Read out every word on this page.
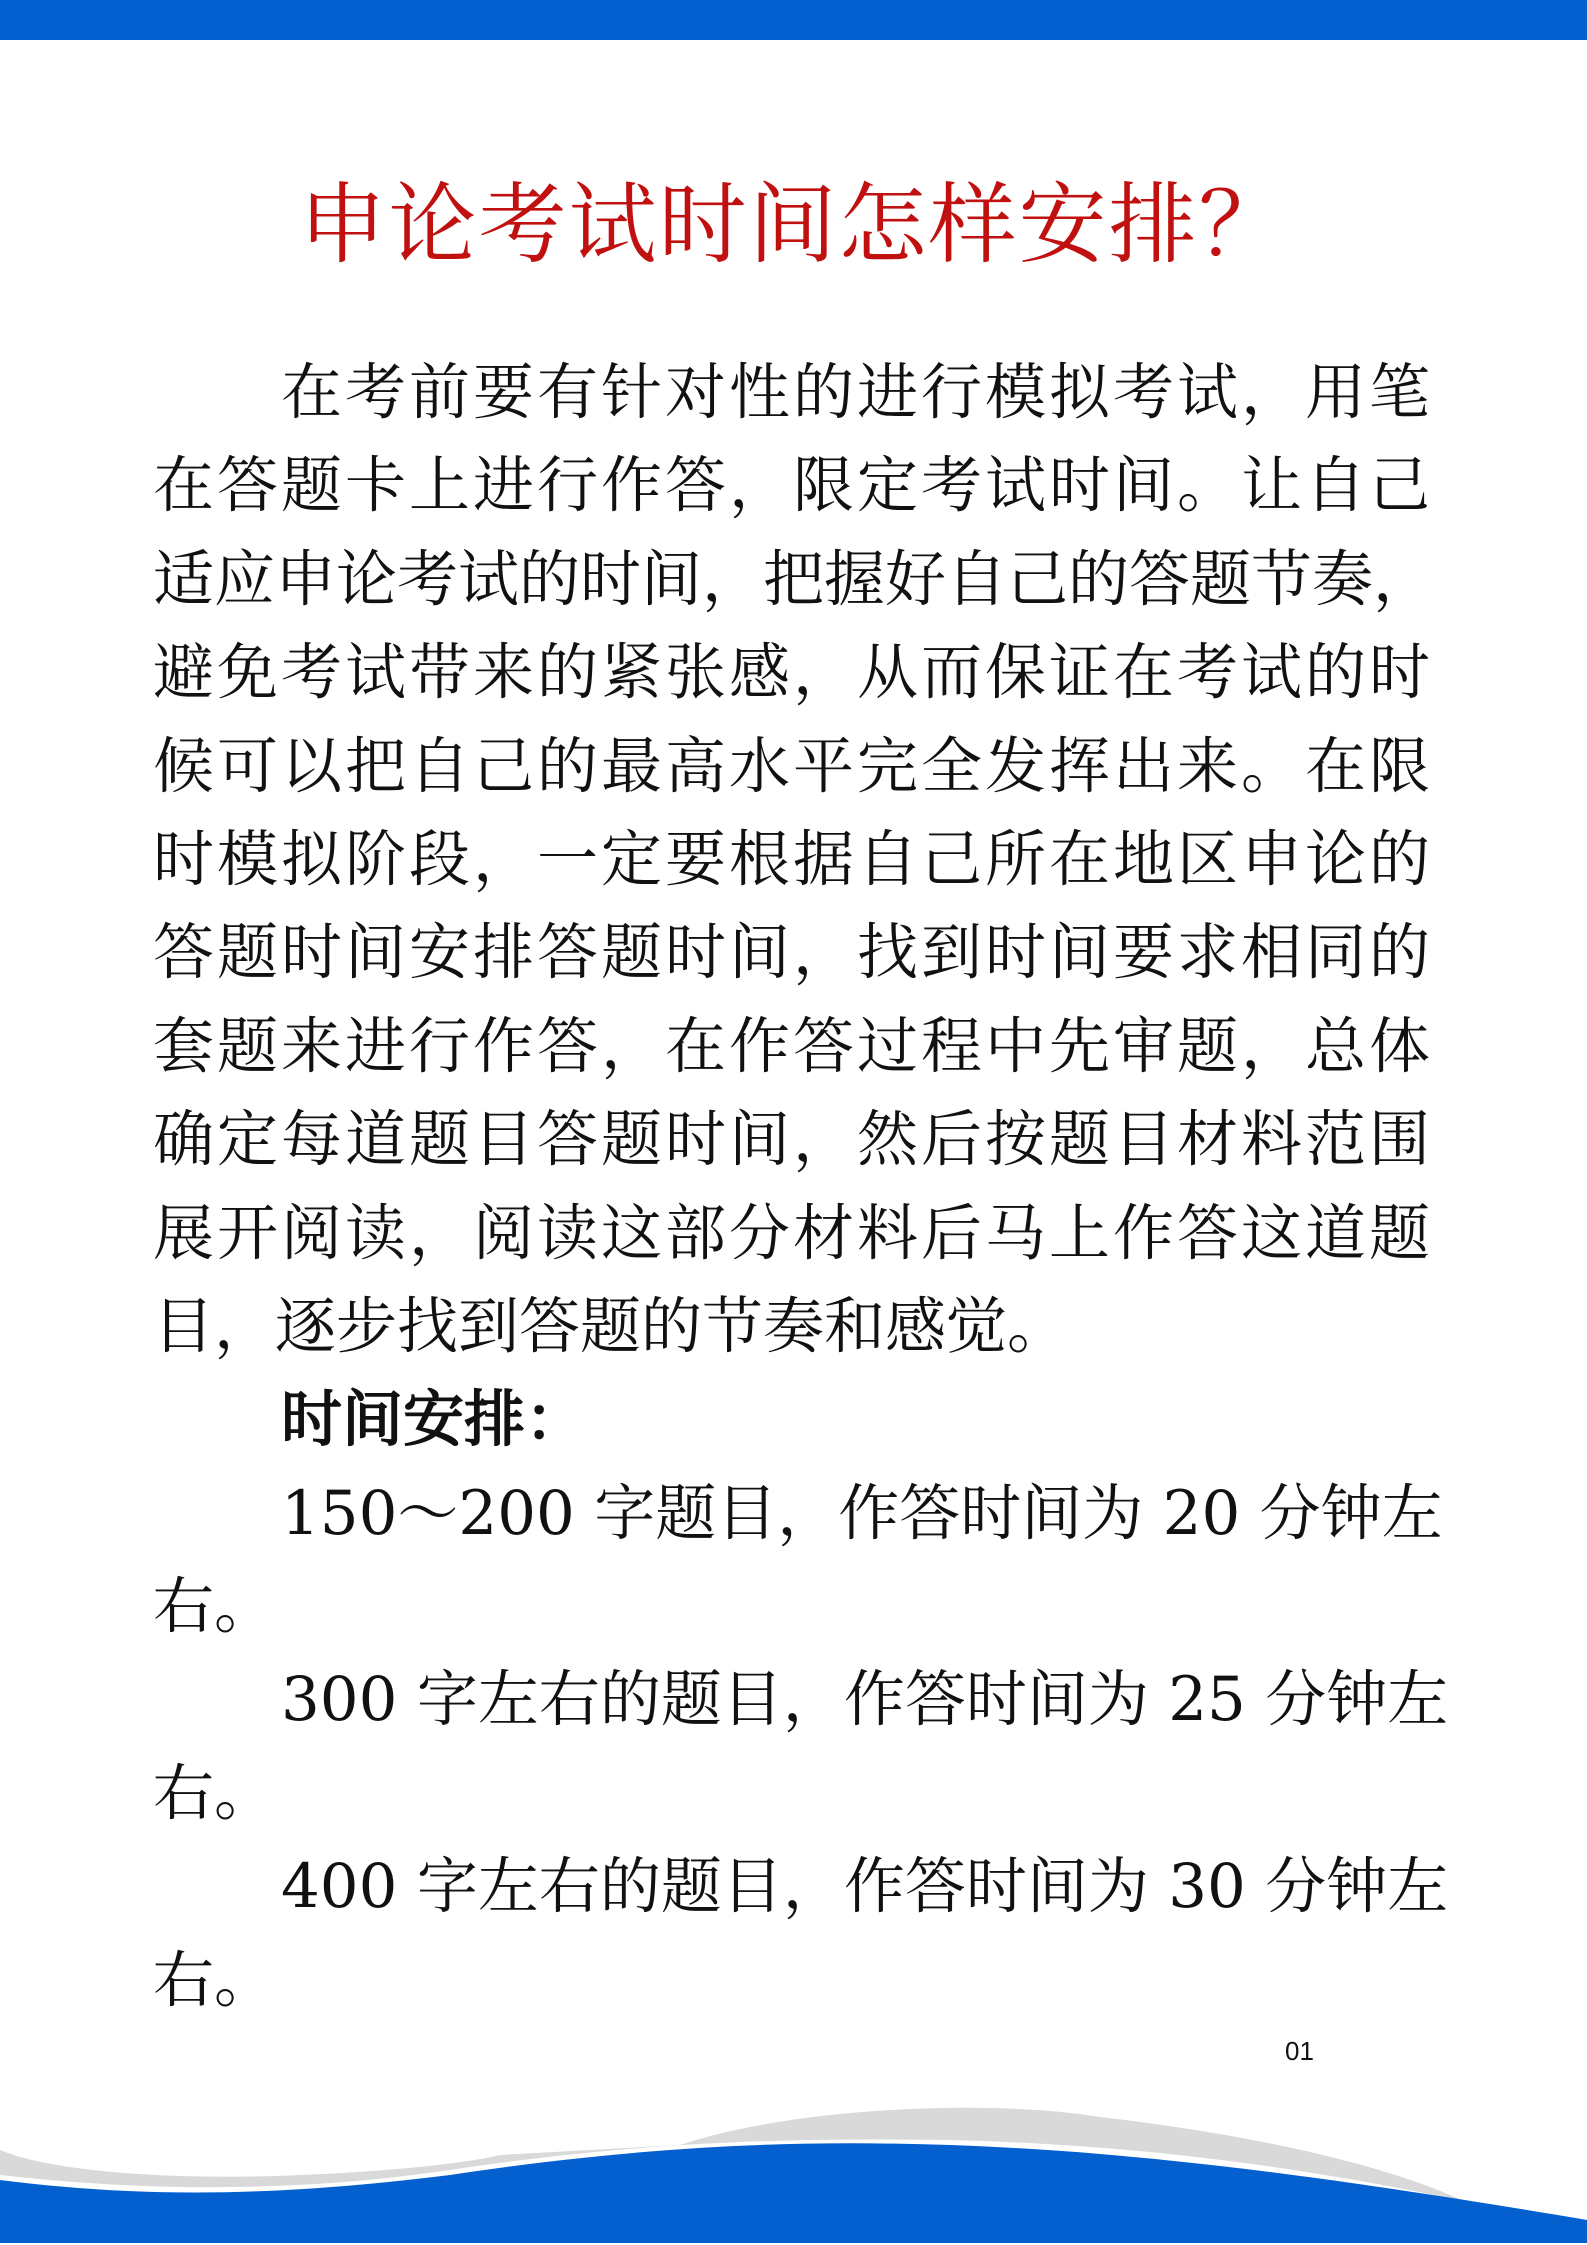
申论考试时间怎样安排？
在考前要有针对性的进行模拟考试，用笔
在答题卡上进行作答，限定考试时间。让自己
适应申论考试的时间，把握好自己的答题节奏，
避免考试带来的紧张感，从而保证在考试的时
候可以把自己的最高水平完全发挥出来。在限
时模拟阶段，一定要根据自己所在地区申论的
答题时间安排答题时间，找到时间要求相同的
套题来进行作答，在作答过程中先审题，总体
确定每道题目答题时间，然后按题目材料范围
展开阅读，阅读这部分材料后马上作答这道题
目，逐步找到答题的节奏和感觉。
时间安排：
150～200 字题目，作答时间为 20 分钟左
右。
300 字左右的题目，作答时间为 25 分钟左
右。
400 字左右的题目，作答时间为 30 分钟左
右。
01
